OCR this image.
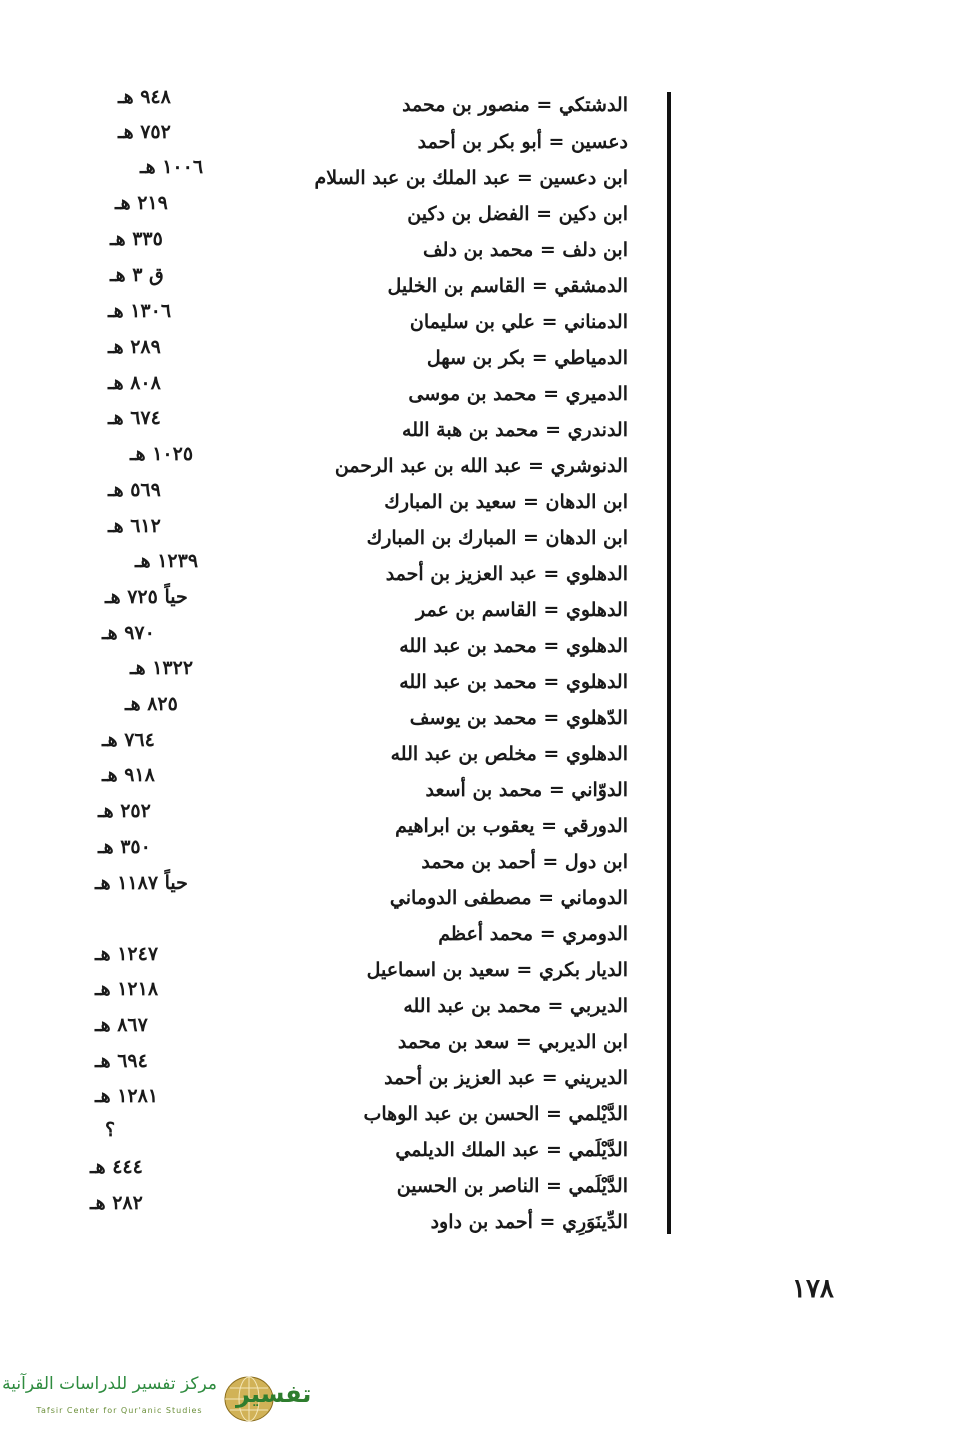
الدشتكي = منصور بن محمد
٩٤٨ هـ
دعسين = أبو بكر بن أحمد
٧٥٢ هـ
ابن دعسين = عبد الملك بن عبد السلام
١٠٠٦ هـ
ابن دكين = الفضل بن دكين
٢١٩ هـ
ابن دلف = محمد بن دلف
٣٣٥ هـ
الدمشقي = القاسم بن الخليل
ق ٣ هـ
الدمناني = علي بن سليمان
١٣٠٦ هـ
الدمياطي = بكر بن سهل
٢٨٩ هـ
الدميري = محمد بن موسى
٨٠٨ هـ
الدندري = محمد بن هبة الله
٦٧٤ هـ
الدنوشري = عبد الله بن عبد الرحمن
١٠٢٥ هـ
ابن الدهان = سعيد بن المبارك
٥٦٩ هـ
ابن الدهان = المبارك بن المبارك
٦١٢ هـ
الدهلوي = عبد العزيز بن أحمد
١٢٣٩ هـ
الدهلوي = القاسم بن عمر
حياً ٧٢٥ هـ
الدهلوي = محمد بن عبد الله
٩٧٠ هـ
الدهلوي = محمد بن عبد الله
١٣٢٢ هـ
الدّهلوي = محمد بن يوسف
٨٢٥ هـ
الدهلوي = مخلص بن عبد الله
٧٦٤ هـ
الدوّاني = محمد بن أسعد
٩١٨ هـ
الدورقي = يعقوب بن ابراهيم
٢٥٢ هـ
ابن دول = أحمد بن محمد
٣٥٠ هـ
الدوماني = مصطفى الدوماني
حياً ١١٨٧ هـ
الدومري = محمد أعظم
الديار بكري = سعيد بن اسماعيل
١٢٤٧ هـ
الديربي = محمد بن عبد الله
١٢١٨ هـ
ابن الديربي = سعد بن محمد
٨٦٧ هـ
الديريني = عبد العزيز بن أحمد
٦٩٤ هـ
الدَّيْلمي = الحسن بن عبد الوهاب
١٢٨١ هـ
الدَّيْلَمي = عبد الملك الديلمي
؟
الدَّيْلَمي = الناصر بن الحسين
٤٤٤ هـ
الدِّينَوَرِي = أحمد بن داود
٢٨٢ هـ
١٧٨
مركز تفسير للدراسات القرآنية
Tafsir Center for Qur'anic Studies
تفسير
